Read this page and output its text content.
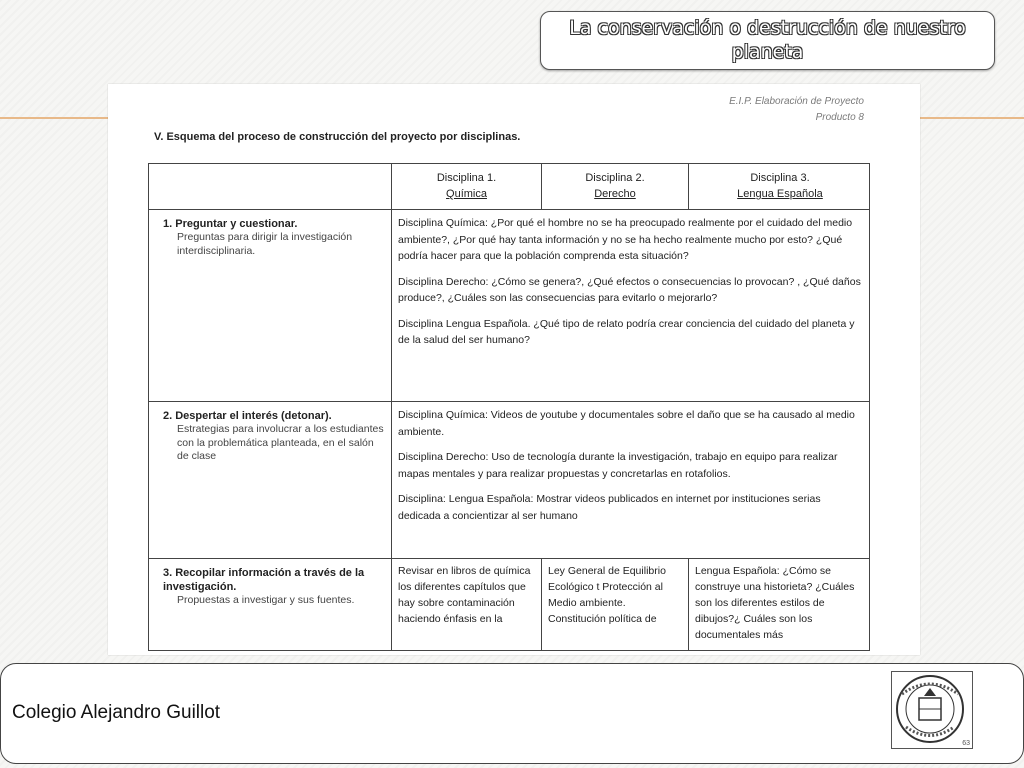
La conservación o destrucción de nuestro
planeta
E.I.P. Elaboración de Proyecto
Producto 8
V. Esquema del proceso de construcción del proyecto por disciplinas.
Disciplina 1.
Química
Disciplina 2.
Derecho
Disciplina 3.
Lengua Española
1. Preguntar y cuestionar.
Preguntas para dirigir la investigación interdisciplinaria.

Disciplina Química: ¿Por qué el hombre no se ha preocupado realmente por el cuidado del medio ambiente?, ¿Por qué hay tanta información y no se ha hecho realmente mucho por esto? ¿Qué podría hacer para que la población comprenda esta situación?

Disciplina Derecho: ¿Cómo se genera?, ¿Qué efectos o consecuencias lo provocan? , ¿Qué daños produce?, ¿Cuáles son las consecuencias para evitarlo o mejorarlo?

Disciplina Lengua Española. ¿Qué tipo de relato podría crear conciencia del cuidado del planeta y de la salud del ser humano?

2. Despertar el interés (detonar).
Estrategias para involucrar a los estudiantes con la problemática planteada, en el salón de clase

Disciplina Química: Videos de youtube y documentales sobre el daño que se ha causado al medio ambiente.

Disciplina Derecho: Uso de tecnología durante la investigación, trabajo en equipo para realizar mapas mentales y para realizar propuestas y concretarlas en rotafolios.

Disciplina: Lengua Española: Mostrar videos publicados en internet por instituciones serias dedicada a concientizar al ser humano

3. Recopilar información a través de la investigación.
Propuestas a investigar y sus fuentes.
Revisar en libros de química los diferentes capítulos que hay sobre contaminación haciendo énfasis en la
Ley General de Equilibrio Ecológico t Protección al Medio ambiente. Constitución política de
Lengua Española: ¿Cómo se construye una historieta? ¿Cuáles son los diferentes estilos de dibujos?¿ Cuáles son los documentales más
Colegio Alejandro Guillot
63
